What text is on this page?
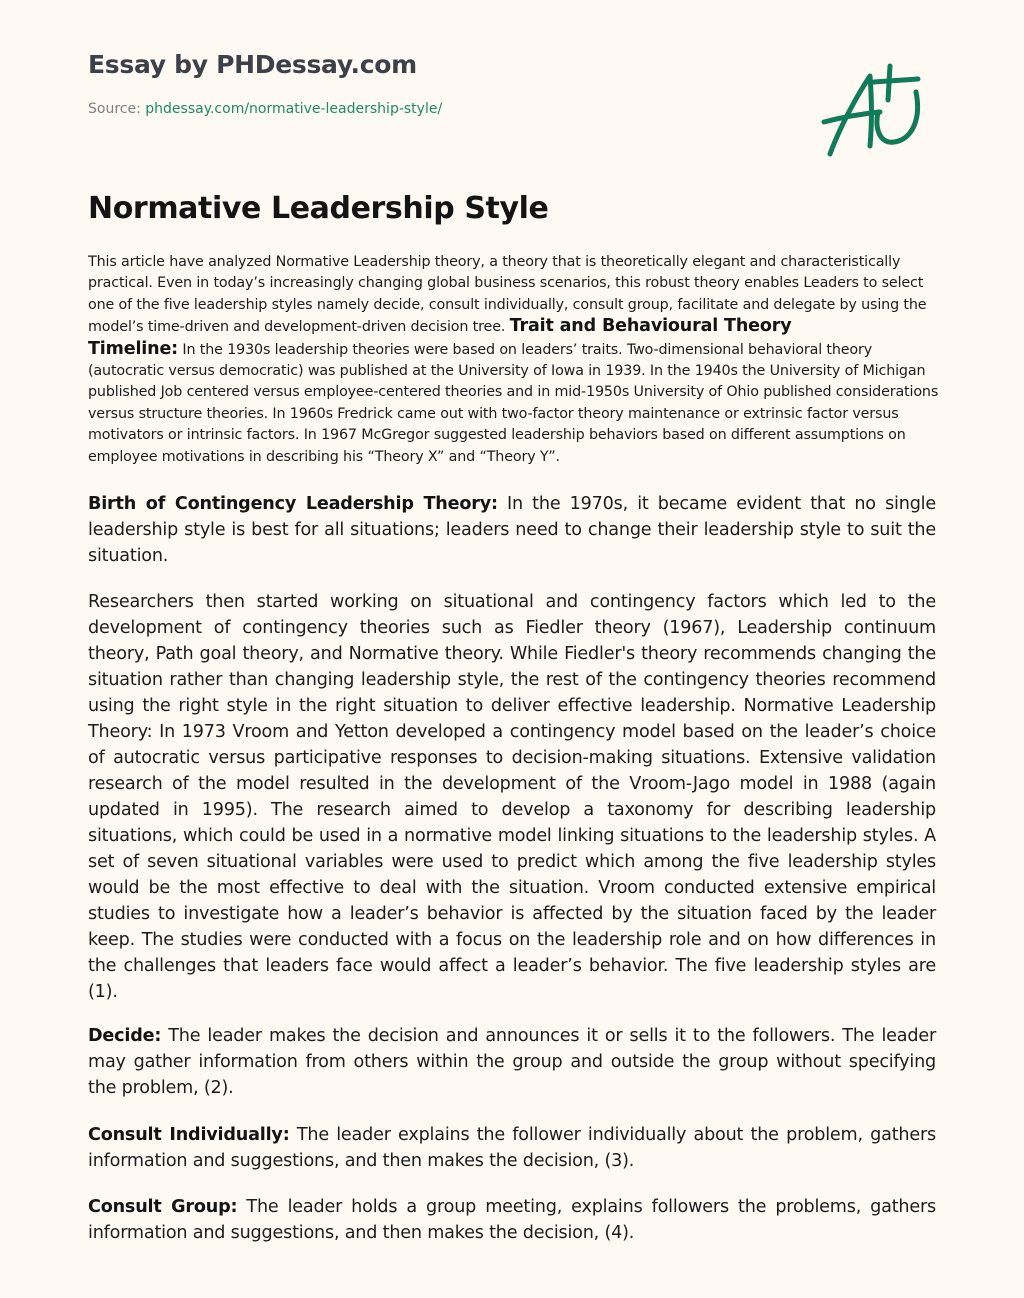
Essay by PHDessay.com
Source: phdessay.com/normative-leadership-style/
Normative Leadership Style

This article have analyzed Normative Leadership theory, a theory that is theoretically elegant and characteristically practical. Even in today’s increasingly changing global business scenarios, this robust theory enables Leaders to select one of the five leadership styles namely decide, consult individually, consult group, facilitate and delegate by using the model’s time-driven and development-driven decision tree. Trait and Behavioural Theory
Timeline: In the 1930s leadership theories were based on leaders’ traits. Two-dimensional behavioral theory (autocratic versus democratic) was published at the University of Iowa in 1939. In the 1940s the University of Michigan published Job centered versus employee-centered theories and in mid-1950s University of Ohio published considerations versus structure theories. In 1960s Fredrick came out with two-factor theory maintenance or extrinsic factor versus motivators or intrinsic factors. In 1967 McGregor suggested leadership behaviors based on different assumptions on employee motivations in describing his “Theory X” and “Theory Y”.

Birth of Contingency Leadership Theory: In the 1970s, it became evident that no single leadership style is best for all situations; leaders need to change their leadership style to suit the situation.

Researchers then started working on situational and contingency factors which led to the development of contingency theories such as Fiedler theory (1967), Leadership continuum theory, Path goal theory, and Normative theory. While Fiedler's theory recommends changing the situation rather than changing leadership style, the rest of the contingency theories recommend using the right style in the right situation to deliver effective leadership. Normative Leadership Theory: In 1973 Vroom and Yetton developed a contingency model based on the leader’s choice of autocratic versus participative responses to decision-making situations. Extensive validation research of the model resulted in the development of the Vroom-Jago model in 1988 (again updated in 1995). The research aimed to develop a taxonomy for describing leadership situations, which could be used in a normative model linking situations to the leadership styles. A set of seven situational variables were used to predict which among the five leadership styles would be the most effective to deal with the situation. Vroom conducted extensive empirical studies to investigate how a leader’s behavior is affected by the situation faced by the leader keep. The studies were conducted with a focus on the leadership role and on how differences in the challenges that leaders face would affect a leader’s behavior. The five leadership styles are (1).

Decide: The leader makes the decision and announces it or sells it to the followers. The leader may gather information from others within the group and outside the group without specifying the problem, (2).

Consult Individually: The leader explains the follower individually about the problem, gathers information and suggestions, and then makes the decision, (3).

Consult Group: The leader holds a group meeting, explains followers the problems, gathers information and suggestions, and then makes the decision, (4).
